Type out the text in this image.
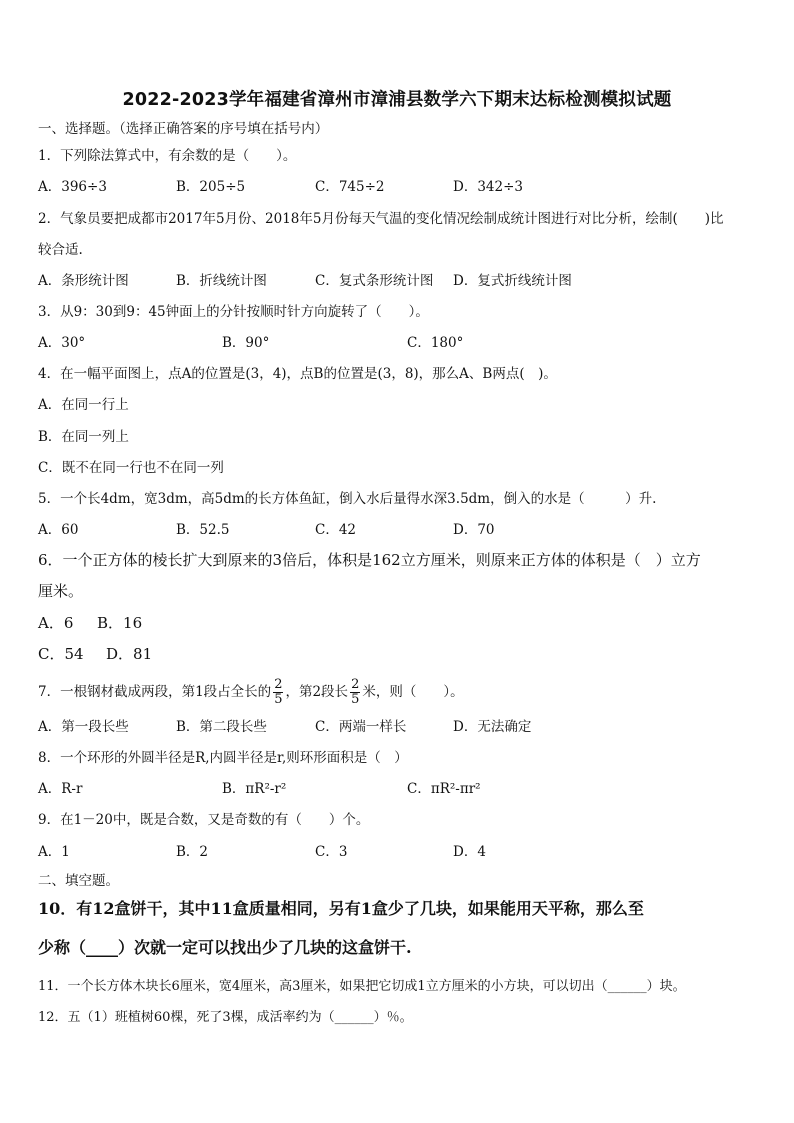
2022-2023学年福建省漳州市漳浦县数学六下期末达标检测模拟试题
一、选择题。（选择正确答案的序号填在括号内）
1．下列除法算式中，有余数的是（　　）。
A．396÷3	B．205÷5	C．745÷2	D．342÷3
2．气象员要把成都市2017年5月份、2018年5月份每天气温的变化情况绘制成统计图进行对比分析，绘制(　　)比
较合适.
A．条形统计图	B．折线统计图	C．复式条形统计图 D．复式折线统计图
3．从9：30到9：45钟面上的分针按顺时针方向旋转了（　　）。
A．30°	B．90°	C．180°
4．在一幅平面图上，点A的位置是(3，4)，点B的位置是(3，8)，那么A、B两点(　)。
A．在同一行上
B．在同一列上
C．既不在同一行也不在同一列
5．一个长4dm，宽3dm，高5dm的长方体鱼缸，倒入水后量得水深3.5dm，倒入的水是（　　　）升.
A．60	B．52.5	C．42	D．70
6．一个正方体的棱长扩大到原来的3倍后，体积是162立方厘米，则原来正方体的体积是（　）立方
厘米。
A．6 B．16
C．54 D．81
7．一根钢材截成两段，第1段占全长的 $\frac{2}{5}$ ，第2段长 $\frac{2}{5}$ 米，则（　　）。
A．第一段长些	B．第二段长些	C．两端一样长	D．无法确定
8．一个环形的外圆半径是R,内圆半径是r,则环形面积是（　）
A．R-r	B．πR²-r²	C．πR²-πr²
9．在1－20中，既是合数，又是奇数的有（　　）个。
A．1	B．2	C．3	D．4
二、填空题。
10．有12盒饼干，其中11盒质量相同，另有1盒少了几块，如果能用天平称，那么至
少称（____）次就一定可以找出少了几块的这盒饼干.
11．一个长方体木块长6厘米，宽4厘米，高3厘米，如果把它切成1立方厘米的小方块，可以切出（______）块。
12．五（1）班植树60棵，死了3棵，成活率约为（______）％。
